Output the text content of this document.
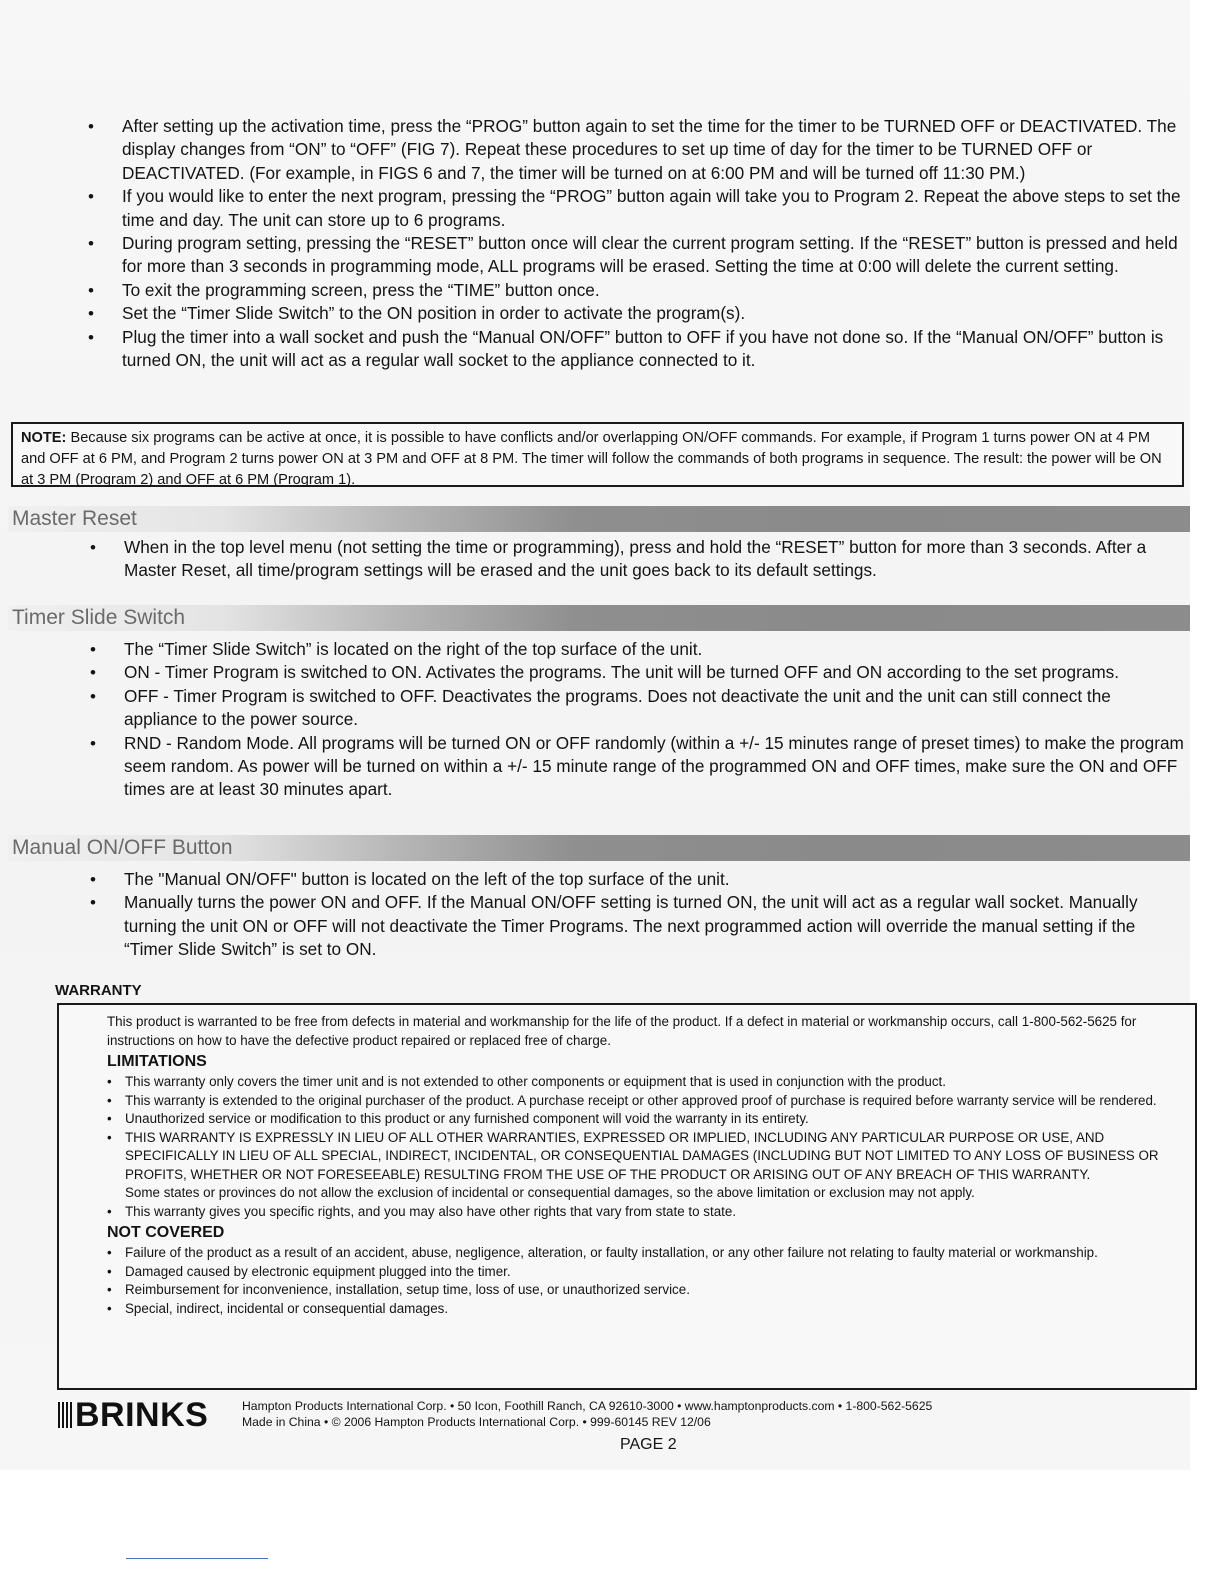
• After setting up the activation time, press the “PROG” button again to set the time for the timer to be TURNED OFF or DEACTIVATED. The display changes from “ON” to “OFF” (FIG 7). Repeat these procedures to set up time of day for the timer to be TURNED OFF or DEACTIVATED. (For example, in FIGS 6 and 7, the timer will be turned on at 6:00 PM and will be turned off 11:30 PM.)
• If you would like to enter the next program, pressing the “PROG” button again will take you to Program 2. Repeat the above steps to set the time and day. The unit can store up to 6 programs.
• During program setting, pressing the “RESET” button once will clear the current program setting. If the “RESET” button is pressed and held for more than 3 seconds in programming mode, ALL programs will be erased. Setting the time at 0:00 will delete the current setting.
• To exit the programming screen, press the “TIME” button once.
• Set the “Timer Slide Switch” to the ON position in order to activate the program(s).
• Plug the timer into a wall socket and push the “Manual ON/OFF” button to OFF if you have not done so. If the “Manual ON/OFF” button is turned ON, the unit will act as a regular wall socket to the appliance connected to it.
NOTE: Because six programs can be active at once, it is possible to have conflicts and/or overlapping ON/OFF commands. For example, if Program 1 turns power ON at 4 PM and OFF at 6 PM, and Program 2 turns power ON at 3 PM and OFF at 8 PM. The timer will follow the commands of both programs in sequence. The result: the power will be ON at 3 PM (Program 2) and OFF at 6 PM (Program 1).
Master Reset
• When in the top level menu (not setting the time or programming), press and hold the “RESET” button for more than 3 seconds. After a Master Reset, all time/program settings will be erased and the unit goes back to its default settings.
Timer Slide Switch
• The “Timer Slide Switch” is located on the right of the top surface of the unit.
• ON - Timer Program is switched to ON. Activates the programs. The unit will be turned OFF and ON according to the set programs.
• OFF - Timer Program is switched to OFF. Deactivates the programs. Does not deactivate the unit and the unit can still connect the appliance to the power source.
• RND - Random Mode. All programs will be turned ON or OFF randomly (within a +/- 15 minutes range of preset times) to make the program seem random. As power will be turned on within a +/- 15 minute range of the programmed ON and OFF times, make sure the ON and OFF times are at least 30 minutes apart.
Manual ON/OFF Button
• The "Manual ON/OFF" button is located on the left of the top surface of the unit.
• Manually turns the power ON and OFF. If the Manual ON/OFF setting is turned ON, the unit will act as a regular wall socket. Manually turning the unit ON or OFF will not deactivate the Timer Programs. The next programmed action will override the manual setting if the “Timer Slide Switch” is set to ON.
WARRANTY

This product is warranted to be free from defects in material and workmanship for the life of the product. If a defect in material or workmanship occurs, call 1-800-562-5625 for instructions on how to have the defective product repaired or replaced free of charge.

LIMITATIONS
• This warranty only covers the timer unit and is not extended to other components or equipment that is used in conjunction with the product.
• This warranty is extended to the original purchaser of the product. A purchase receipt or other approved proof of purchase is required before warranty service will be rendered.
• Unauthorized service or modification to this product or any furnished component will void the warranty in its entirety.
• THIS WARRANTY IS EXPRESSLY IN LIEU OF ALL OTHER WARRANTIES, EXPRESSED OR IMPLIED, INCLUDING ANY PARTICULAR PURPOSE OR USE, AND SPECIFICALLY IN LIEU OF ALL SPECIAL, INDIRECT, INCIDENTAL, OR CONSEQUENTIAL DAMAGES (INCLUDING BUT NOT LIMITED TO ANY LOSS OF BUSINESS OR PROFITS, WHETHER OR NOT FORESEEABLE) RESULTING FROM THE USE OF THE PRODUCT OR ARISING OUT OF ANY BREACH OF THIS WARRANTY.
Some states or provinces do not allow the exclusion of incidental or consequential damages, so the above limitation or exclusion may not apply.
• This warranty gives you specific rights, and you may also have other rights that vary from state to state.
NOT COVERED
• Failure of the product as a result of an accident, abuse, negligence, alteration, or faulty installation, or any other failure not relating to faulty material or workmanship.
• Damaged caused by electronic equipment plugged into the timer.
• Reimbursement for inconvenience, installation, setup time, loss of use, or unauthorized service.
• Special, indirect, incidental or consequential damages.
BRINKS	Hampton Products International Corp. • 50 Icon, Foothill Ranch, CA 92610-3000 • www.hamptonproducts.com • 1-800-562-5625
Made in China • © 2006 Hampton Products International Corp. • 999-60145 REV 12/06
PAGE 2
